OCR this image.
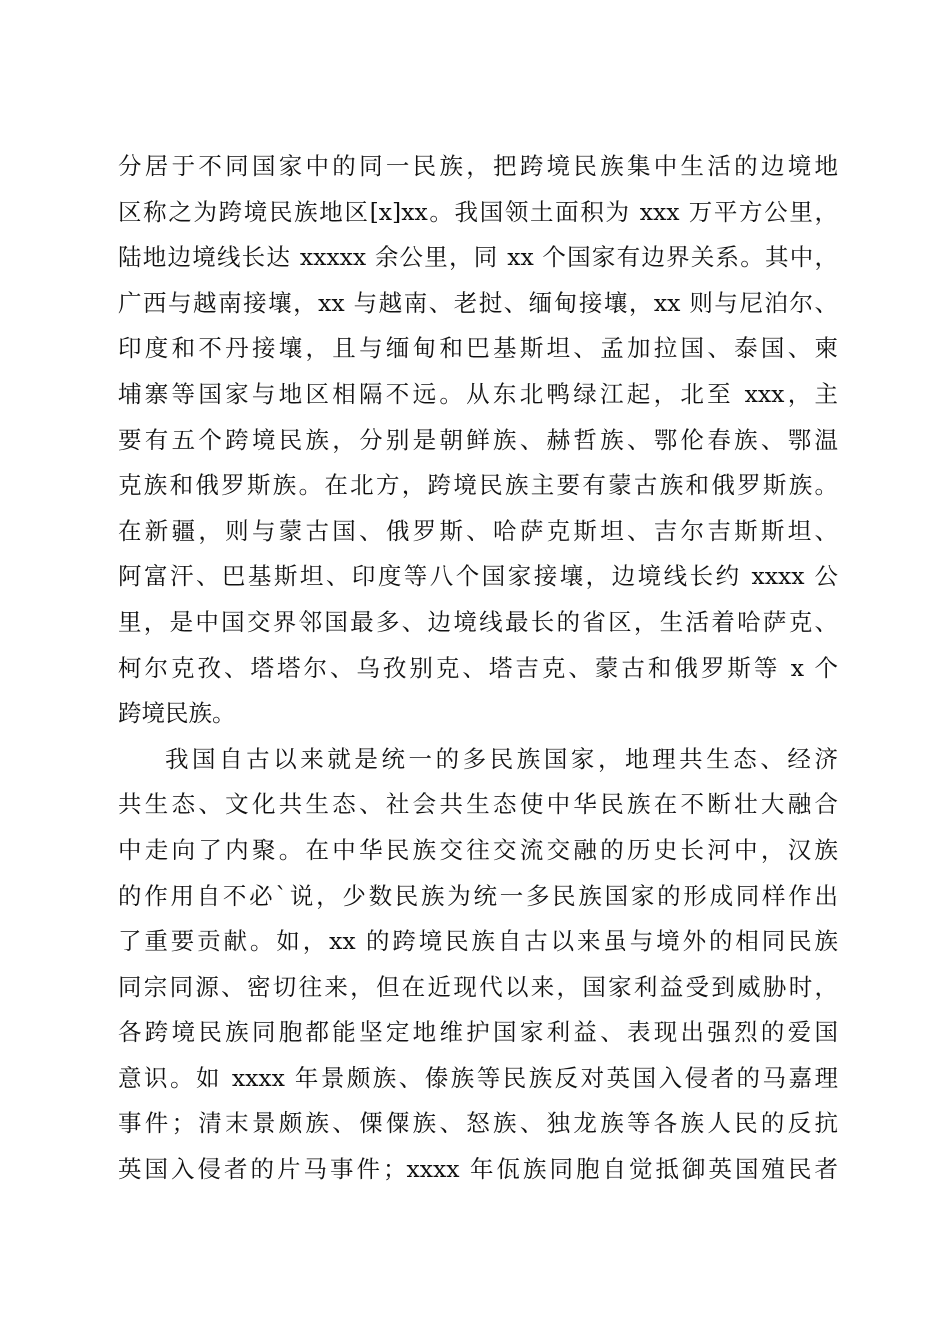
分居于不同国家中的同一民族，把跨境民族集中生活的边境地
区称之为跨境民族地区[x]xx。我国领土面积为 xxx 万平方公里，
陆地边境线长达 xxxxx 余公里，同 xx 个国家有边界关系。其中，
广西与越南接壤，xx 与越南、老挝、缅甸接壤，xx 则与尼泊尔、
印度和不丹接壤，且与缅甸和巴基斯坦、孟加拉国、泰国、柬
埔寨等国家与地区相隔不远。从东北鸭绿江起，北至 xxx，主
要有五个跨境民族，分别是朝鲜族、赫哲族、鄂伦春族、鄂温
克族和俄罗斯族。在北方，跨境民族主要有蒙古族和俄罗斯族。
在新疆，则与蒙古国、俄罗斯、哈萨克斯坦、吉尔吉斯斯坦、
阿富汗、巴基斯坦、印度等八个国家接壤，边境线长约 xxxx 公
里，是中国交界邻国最多、边境线最长的省区，生活着哈萨克、
柯尔克孜、塔塔尔、乌孜别克、塔吉克、蒙古和俄罗斯等 x 个
跨境民族。
我国自古以来就是统一的多民族国家，地理共生态、经济
共生态、文化共生态、社会共生态使中华民族在不断壮大融合
中走向了内聚。在中华民族交往交流交融的历史长河中，汉族
的作用自不必`说，少数民族为统一多民族国家的形成同样作出
了重要贡献。如，xx 的跨境民族自古以来虽与境外的相同民族
同宗同源、密切往来，但在近现代以来，国家利益受到威胁时，
各跨境民族同胞都能坚定地维护国家利益、表现出强烈的爱国
意识。如 xxxx 年景颇族、傣族等民族反对英国入侵者的马嘉理
事件；清末景颇族、傈僳族、怒族、独龙族等各族人民的反抗
英国入侵者的片马事件；xxxx 年佤族同胞自觉抵御英国殖民者
